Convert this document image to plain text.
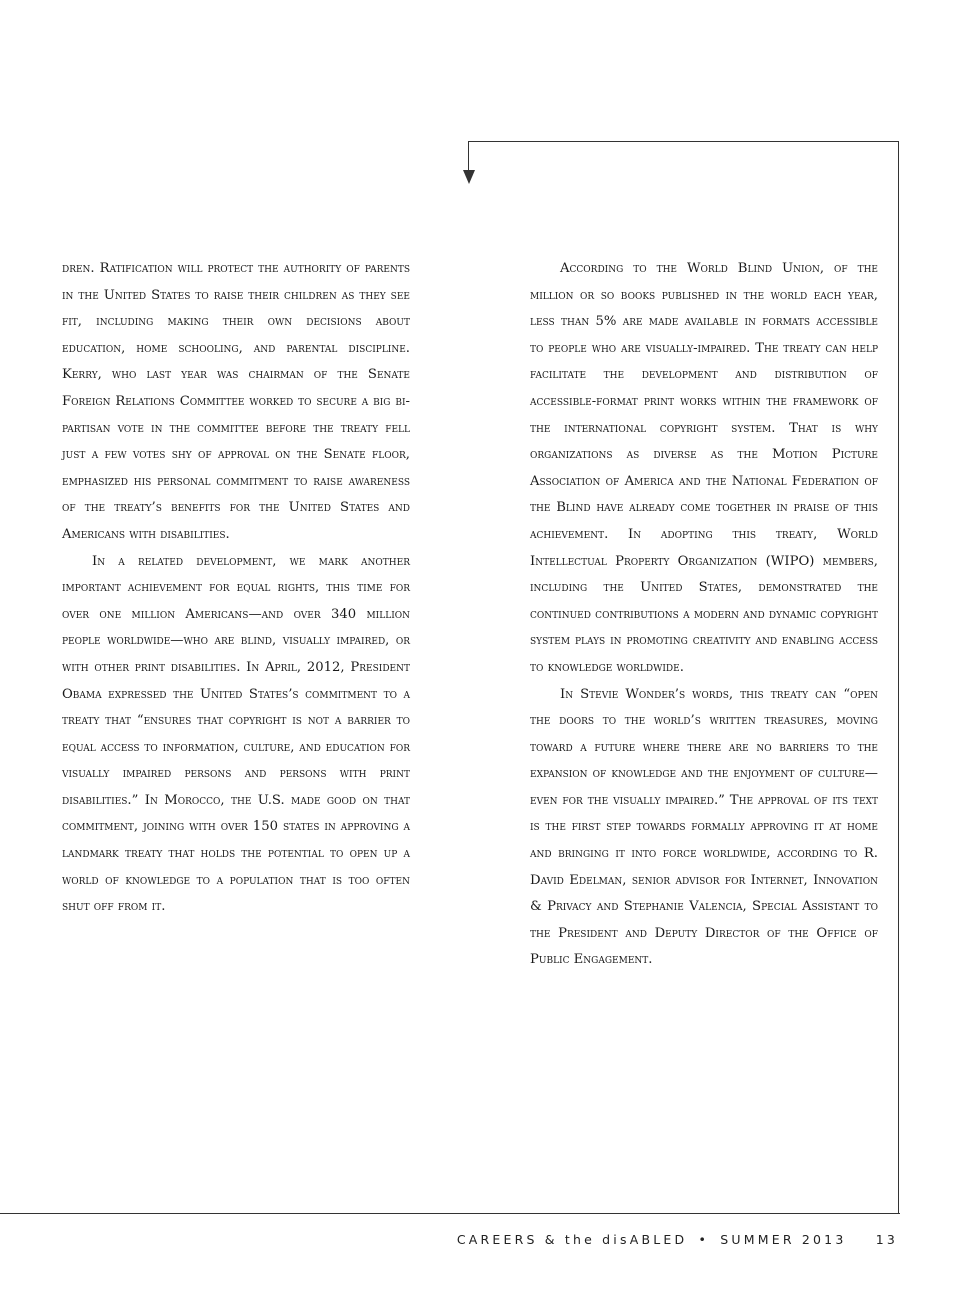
dren. Ratification will protect the authority of parents in the United States to raise their children as they see fit, including making their own decisions about education, home schooling, and parental discipline. Kerry, who last year was chairman of the Senate Foreign Relations Committee worked to secure a big bi-partisan vote in the committee before the treaty fell just a few votes shy of approval on the Senate floor, emphasized his personal commitment to raise awareness of the treaty’s benefits for the United States and Americans with disabilities.

In a related development, we mark another important achievement for equal rights, this time for over one million Americans—and over 340 million people worldwide—who are blind, visually impaired, or with other print disabilities. In April, 2012, President Obama expressed the United States’s commitment to a treaty that “ensures that copyright is not a barrier to equal access to information, culture, and education for visually impaired persons and persons with print disabilities.” In Morocco, the U.S. made good on that commitment, joining with over 150 states in approving a landmark treaty that holds the potential to open up a world of knowledge to a population that is too often shut off from it.

According to the World Blind Union, of the million or so books published in the world each year, less than 5% are made available in formats accessible to people who are visually-impaired. The treaty can help facilitate the development and distribution of accessible-format print works within the framework of the international copyright system. That is why organizations as diverse as the Motion Picture Association of America and the National Federation of the Blind have already come together in praise of this achievement. In adopting this treaty, World Intellectual Property Organization (WIPO) members, including the United States, demonstrated the continued contributions a modern and dynamic copyright system plays in promoting creativity and enabling access to knowledge worldwide.

In Stevie Wonder’s words, this treaty can “open the doors to the world’s written treasures, moving toward a future where there are no barriers to the expansion of knowledge and the enjoyment of culture— even for the visually impaired.” The approval of its text is the first step towards formally approving it at home and bringing it into force worldwide, according to R. David Edelman, senior advisor for Internet, Innovation & Privacy and Stephanie Valencia, Special Assistant to the President and Deputy Director of the Office of Public Engagement.

CAREERS & the disABLED • SUMMER 2013 13
